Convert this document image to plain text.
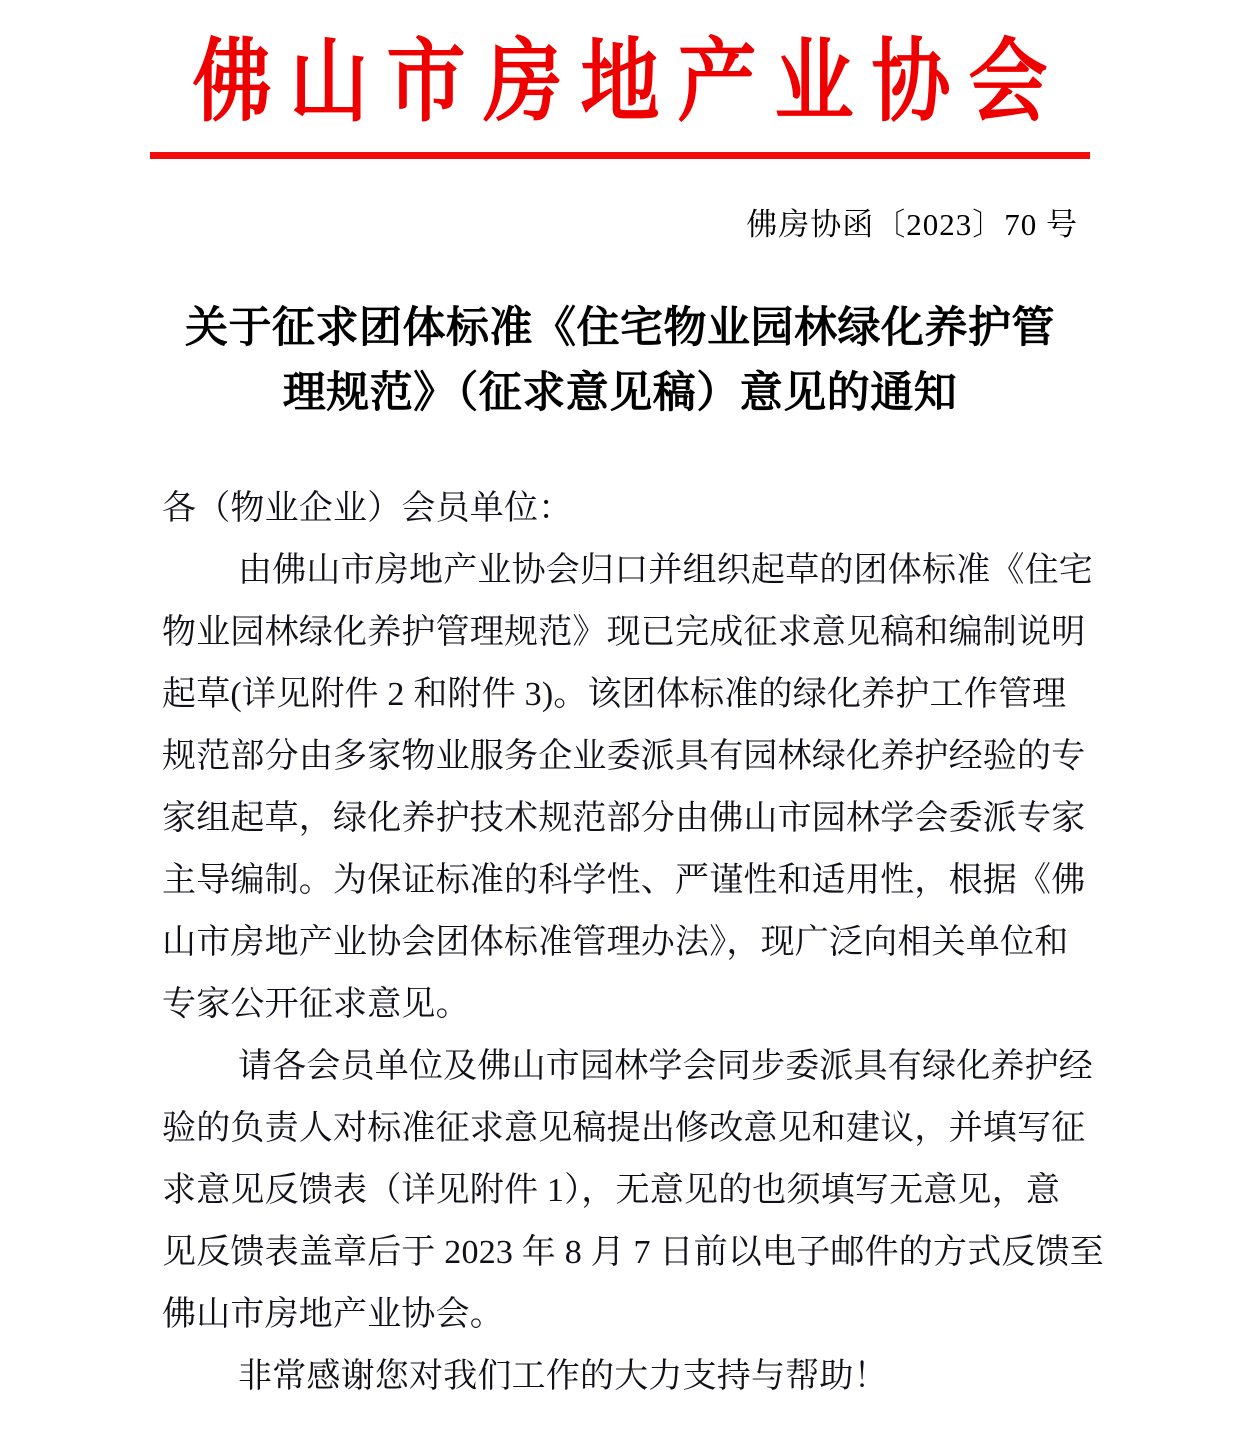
佛山市房地产业协会
佛房协函〔2023〕70 号
关于征求团体标准《住宅物业园林绿化养护管
理规范》（征求意见稿）意见的通知
各（物业企业）会员单位：
由佛山市房地产业协会归口并组织起草的团体标准《住宅
物业园林绿化养护管理规范》现已完成征求意见稿和编制说明
起草(详见附件 2 和附件 3)。该团体标准的绿化养护工作管理
规范部分由多家物业服务企业委派具有园林绿化养护经验的专
家组起草，绿化养护技术规范部分由佛山市园林学会委派专家
主导编制。为保证标准的科学性、严谨性和适用性，根据《佛
山市房地产业协会团体标准管理办法》，现广泛向相关单位和
专家公开征求意见。
请各会员单位及佛山市园林学会同步委派具有绿化养护经
验的负责人对标准征求意见稿提出修改意见和建议，并填写征
求意见反馈表（详见附件 1），无意见的也须填写无意见，意
见反馈表盖章后于 2023 年 8 月 7 日前以电子邮件的方式反馈至
佛山市房地产业协会。
非常感谢您对我们工作的大力支持与帮助！
